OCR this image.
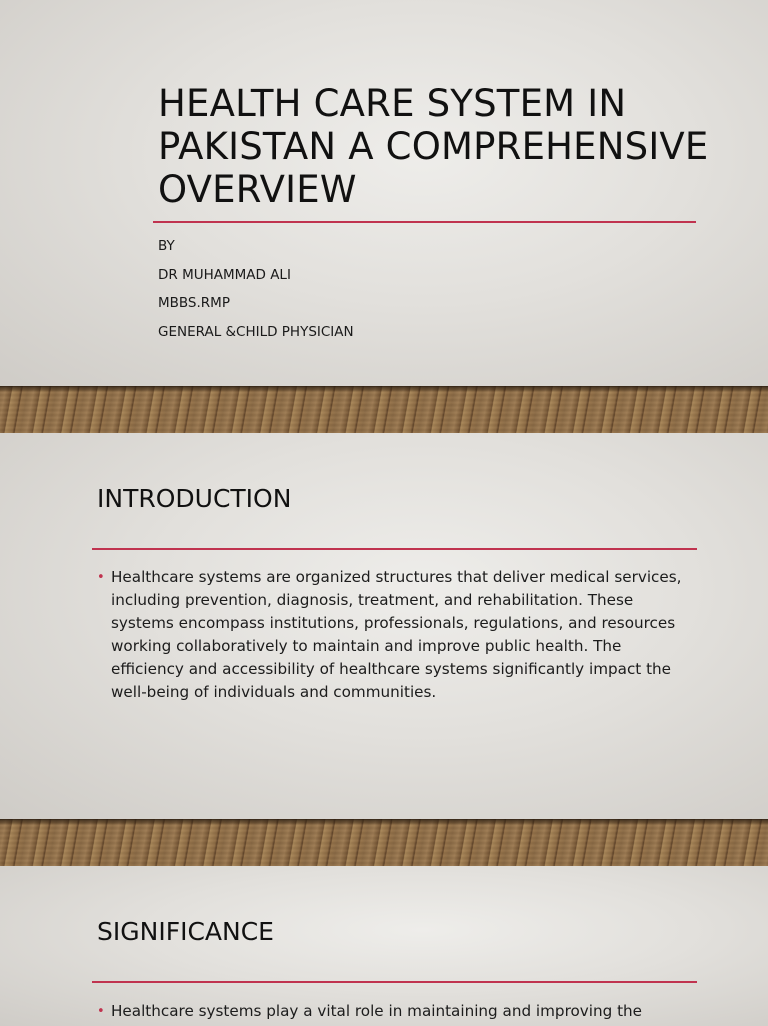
HEALTH CARE SYSTEM IN
PAKISTAN A COMPREHENSIVE
OVERVIEW
BY
DR MUHAMMAD ALI
MBBS.RMP
GENERAL &CHILD PHYSICIAN
INTRODUCTION
• Healthcare systems are organized structures that deliver medical services, including prevention, diagnosis, treatment, and rehabilitation. These systems encompass institutions, professionals, regulations, and resources working collaboratively to maintain and improve public health. The efficiency and accessibility of healthcare systems significantly impact the well-being of individuals and communities.
SIGNIFICANCE
• Healthcare systems play a vital role in maintaining and improving the
